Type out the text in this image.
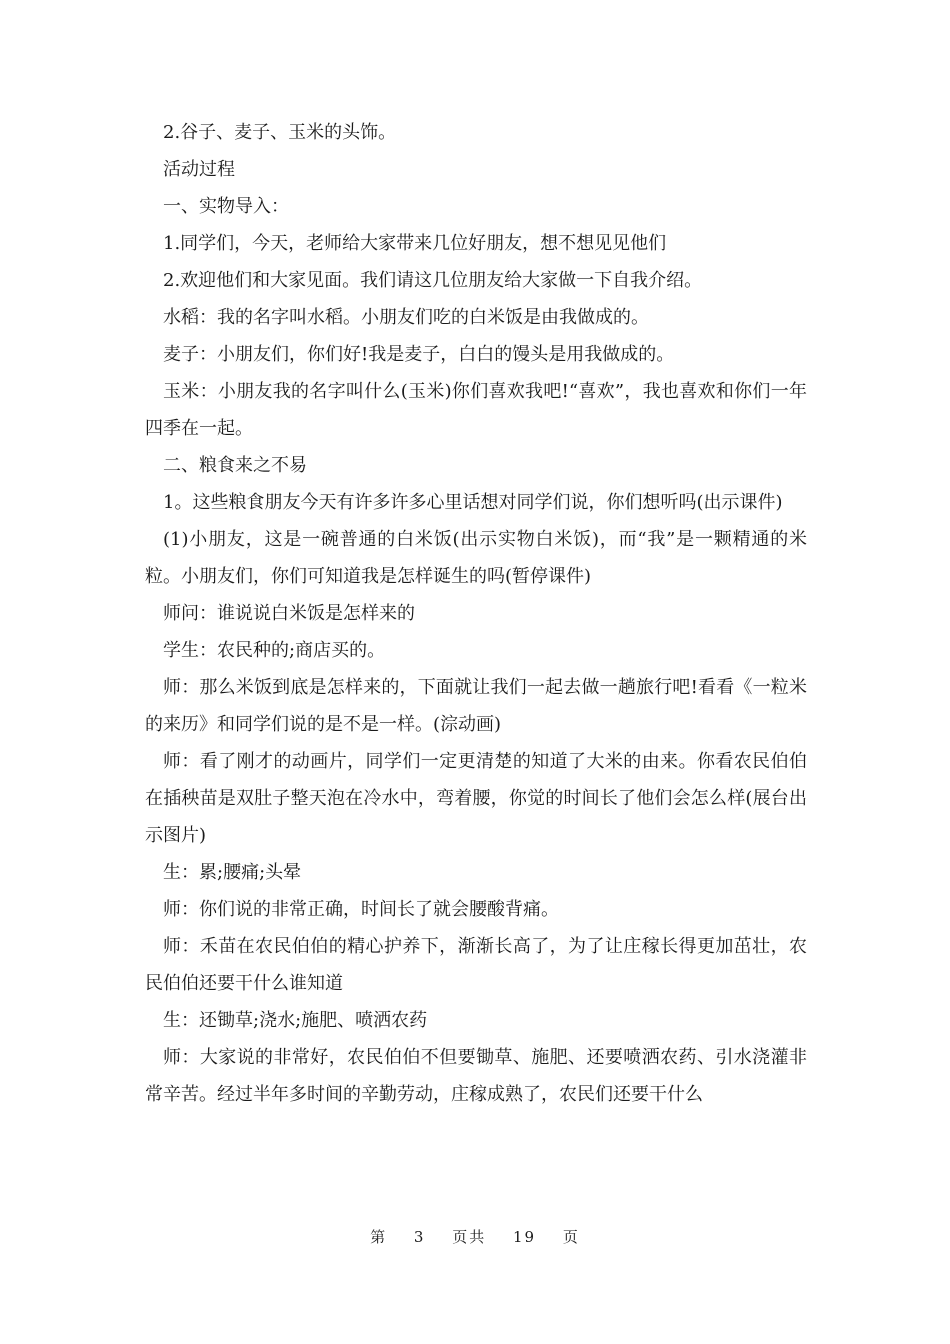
2.谷子、麦子、玉米的头饰。

活动过程

一、实物导入：

1.同学们，今天，老师给大家带来几位好朋友，想不想见见他们

2.欢迎他们和大家见面。我们请这几位朋友给大家做一下自我介绍。

水稻：我的名字叫水稻。小朋友们吃的白米饭是由我做成的。

麦子：小朋友们，你们好!我是麦子，白白的馒头是用我做成的。

玉米：小朋友我的名字叫什么(玉米)你们喜欢我吧!“喜欢”，我也喜欢和你们一年四季在一起。

二、粮食来之不易

1。这些粮食朋友今天有许多许多心里话想对同学们说，你们想听吗(出示课件)

(1)小朋友，这是一碗普通的白米饭(出示实物白米饭)，而“我”是一颗精通的米粒。小朋友们，你们可知道我是怎样诞生的吗(暂停课件)

师问：谁说说白米饭是怎样来的

学生：农民种的;商店买的。

师：那么米饭到底是怎样来的，下面就让我们一起去做一趟旅行吧!看看《一粒米的来历》和同学们说的是不是一样。(淙动画)

师：看了刚才的动画片，同学们一定更清楚的知道了大米的由来。你看农民伯伯在插秧苗是双肚子整天泡在冷水中，弯着腰，你觉的时间长了他们会怎么样(展台出示图片)

生：累;腰痛;头晕

师：你们说的非常正确，时间长了就会腰酸背痛。

师：禾苗在农民伯伯的精心护养下，渐渐长高了，为了让庄稼长得更加茁壮，农民伯伯还要干什么谁知道

生：还锄草;浇水;施肥、喷洒农药

师：大家说的非常好，农民伯伯不但要锄草、施肥、还要喷洒农药、引水浇灌非常辛苦。经过半年多时间的辛勤劳动，庄稼成熟了，农民们还要干什么

第 3 页共 19 页
